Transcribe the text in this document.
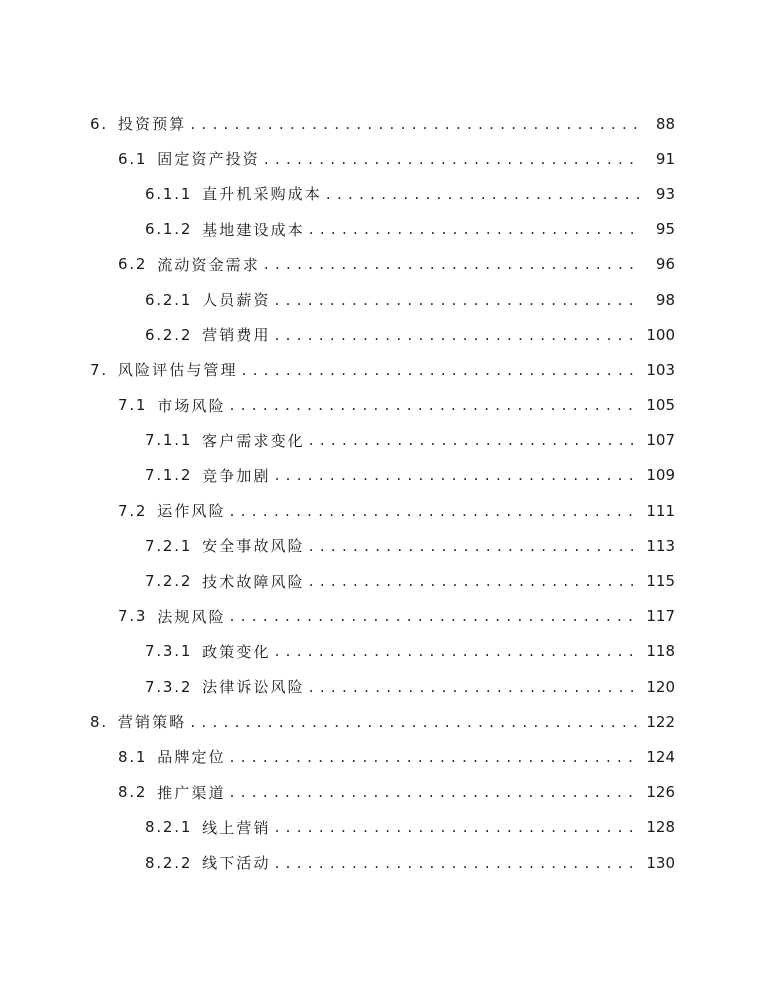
6. 投资预算 .....	88
6.1 固定资产投资 .....	91
6.1.1 直升机采购成本 .....	93
6.1.2 基地建设成本 .....	95
6.2 流动资金需求 .....	96
6.2.1 人员薪资 .....	98
6.2.2 营销费用 .....	100
7. 风险评估与管理 .....	103
7.1 市场风险 .....	105
7.1.1 客户需求变化 .....	107
7.1.2 竞争加剧 .....	109
7.2 运作风险 .....	111
7.2.1 安全事故风险 .....	113
7.2.2 技术故障风险 .....	115
7.3 法规风险 .....	117
7.3.1 政策变化 .....	118
7.3.2 法律诉讼风险 .....	120
8. 营销策略 .....	122
8.1 品牌定位 .....	124
8.2 推广渠道 .....	126
8.2.1 线上营销 .....	128
8.2.2 线下活动 .....	130
